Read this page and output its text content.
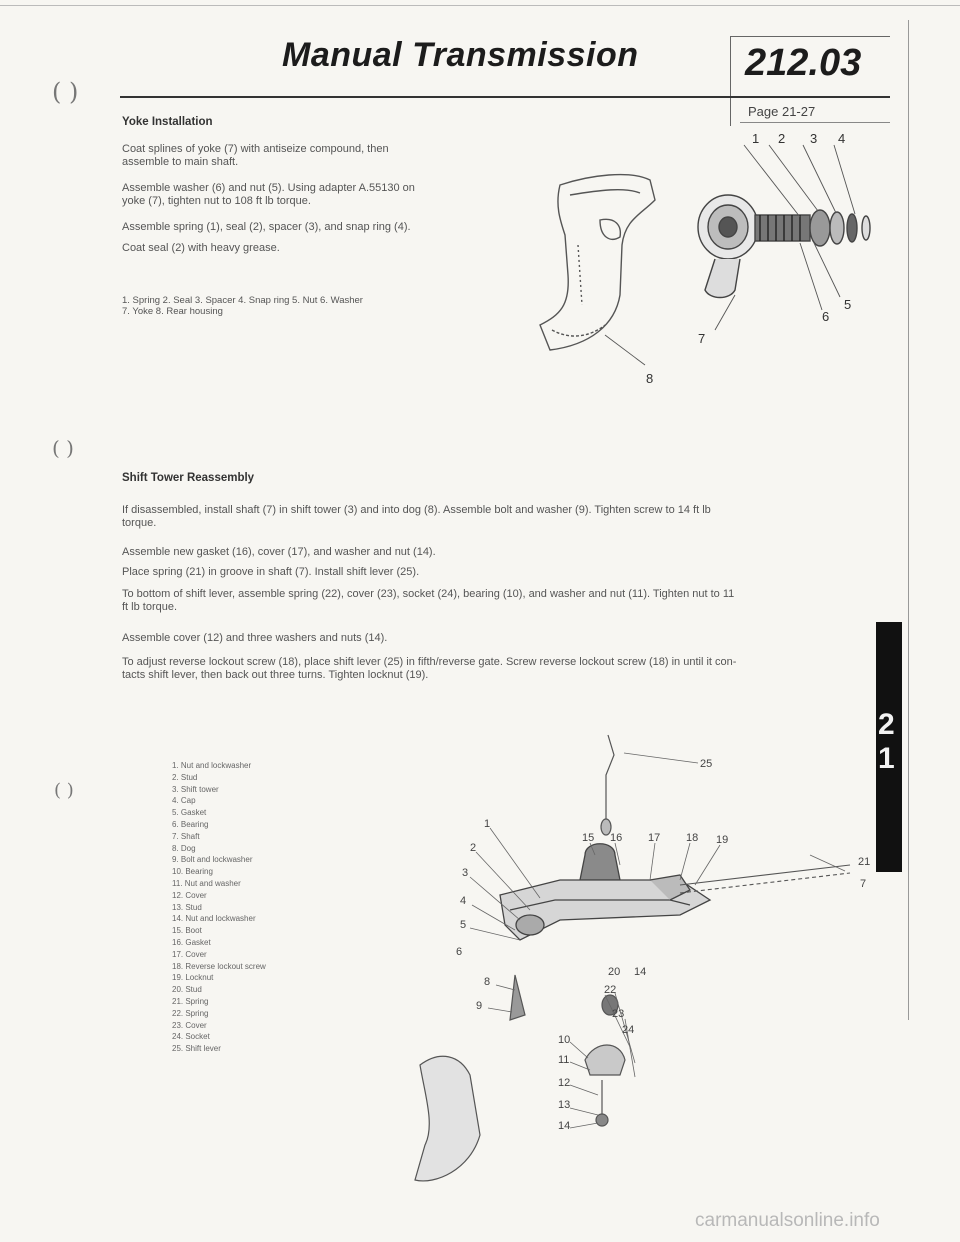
Manual Transmission	212.03
Page 21-27
( )
( )
( )
Yoke Installation
Coat splines of yoke (7) with antiseize compound, then
assemble to main shaft.
Assemble washer (6) and nut (5). Using adapter A.55130 on
yoke (7), tighten nut to 108 ft lb torque.
Assemble spring (1), seal (2), spacer (3), and snap ring (4).
Coat seal (2) with heavy grease.
1. Spring 2. Seal 3. Spacer 4. Snap ring 5. Nut 6. Washer
7. Yoke 8. Rear housing
1 2 3 4
5
6
7
8
Shift Tower Reassembly
If disassembled, install shaft (7) in shift tower (3) and into dog (8). Assemble bolt and washer (9). Tighten screw to 14 ft lb
torque.
Assemble new gasket (16), cover (17), and washer and nut (14).
Place spring (21) in groove in shaft (7). Install shift lever (25).
To bottom of shift lever, assemble spring (22), cover (23), socket (24), bearing (10), and washer and nut (11). Tighten nut to 11
ft lb torque.
Assemble cover (12) and three washers and nuts (14).
To adjust reverse lockout screw (18), place shift lever (25) in fifth/reverse gate. Screw reverse lockout screw (18) in until it con-
tacts shift lever, then back out three turns. Tighten locknut (19).
1. Nut and lockwasher
2. Stud
3. Shift tower
4. Cap
5. Gasket
6. Bearing
7. Shaft
8. Dog
9. Bolt and lockwasher
10. Bearing
11. Nut and washer
12. Cover
13. Stud
14. Nut and lockwasher
15. Boot
16. Gasket
17. Cover
18. Reverse lockout screw
19. Locknut
20. Stud
21. Spring
22. Spring
23. Cover
24. Socket
25. Shift lever
25
1
2
3
4
5
6
7
8
9
10
11
12
13
14
14
15 16 17 18 19
20
21
22
23
24
2
1
carmanualsonline.info
